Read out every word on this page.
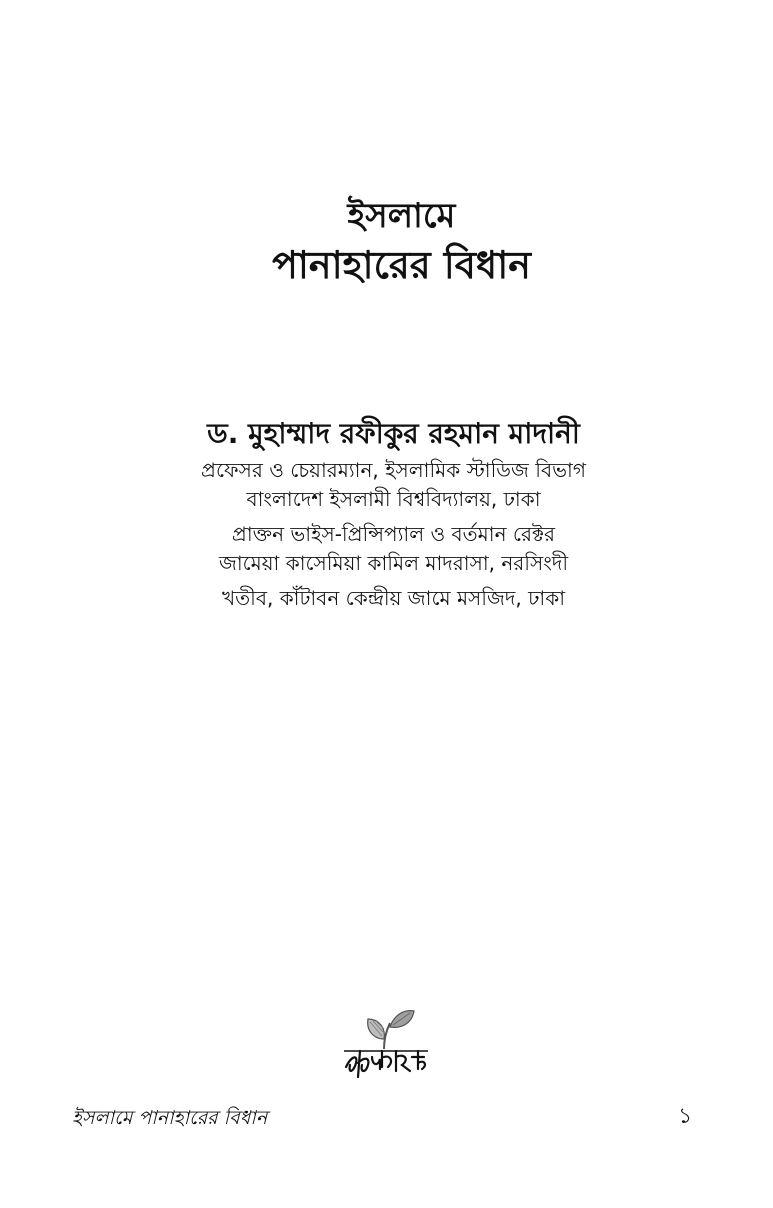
ইসলামে
পানাহারের বিধান
ড. মুহাম্মাদ রফীকুর রহমান মাদানী
প্রফেসর ও চেয়ারম্যান, ইসলামিক স্টাডিজ বিভাগ
বাংলাদেশ ইসলামী বিশ্ববিদ্যালয়, ঢাকা
প্রাক্তন ভাইস-প্রিন্সিপ্যাল ও বর্তমান রেক্টর
জামেয়া কাসেমিয়া কামিল মাদরাসা, নরসিংদী
খতীব, কাঁটাবন কেন্দ্রীয় জামে মসজিদ, ঢাকা
ইসলামে পানাহারের বিধান	১
